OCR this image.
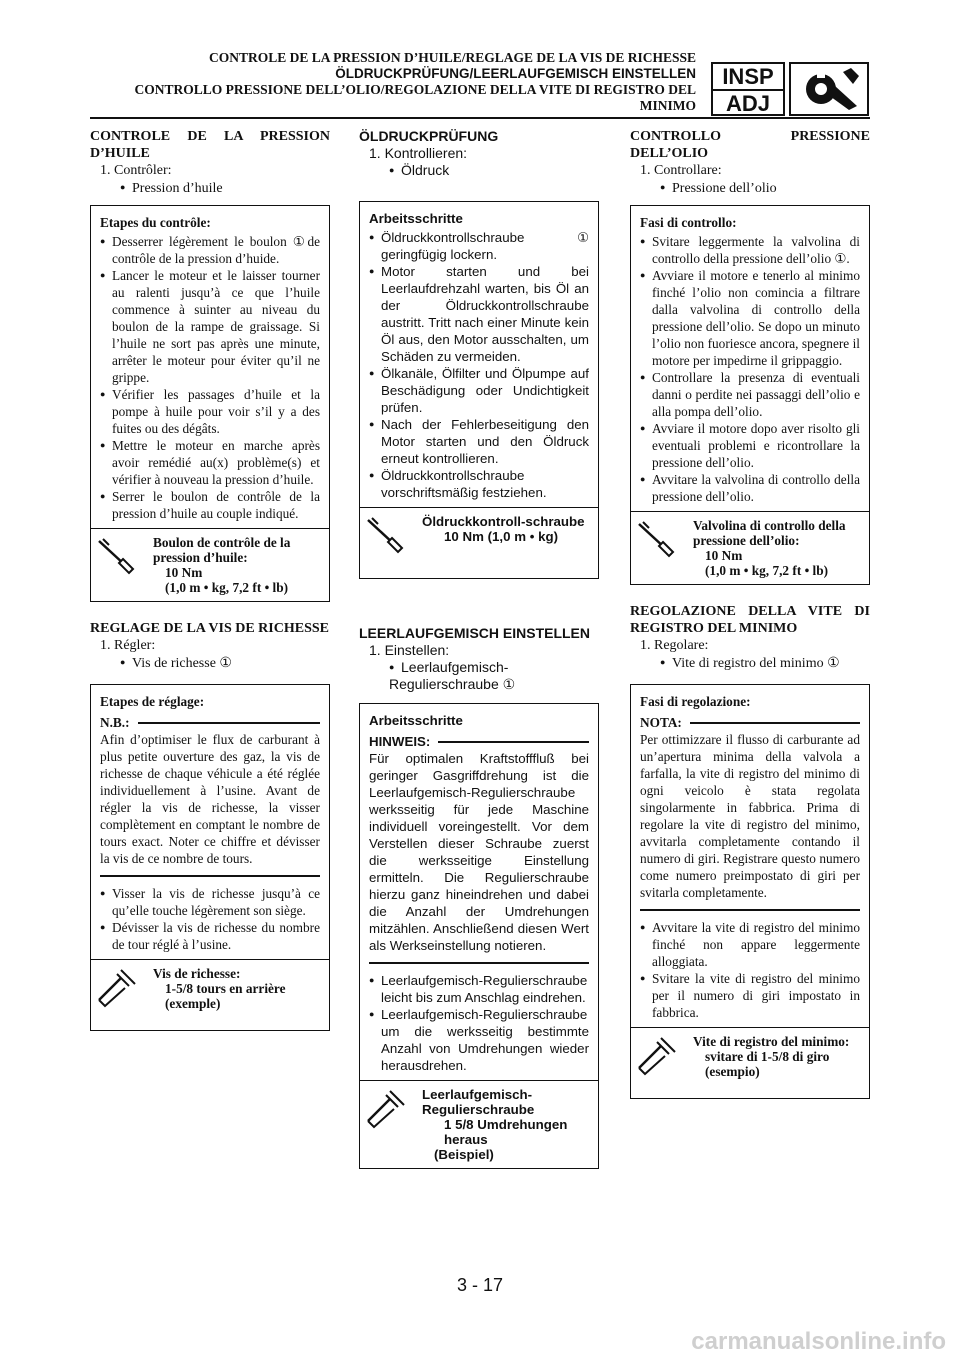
CONTROLE DE LA PRESSION D’HUILE/REGLAGE DE LA VIS DE RICHESSE
ÖLDRUCKPRÜFUNG/LEERLAUFGEMISCH EINSTELLEN
CONTROLLO PRESSIONE DELL’OLIO/REGOLAZIONE DELLA VITE DI REGISTRO DEL
MINIMO
INSP
ADJ

CONTROLE DE LA PRESSION D’HUILE

1. Contrôler:
● Pression d’huile
Etapes du contrôle:
● Desserrer légèrement le boulon ①de contrôle de la pression d’huide.
● Lancer le moteur et le laisser tourner au ralenti jusqu’à ce que l’huile commence à suinter au niveau du boulon de la rampe de graissage. Si l’huile ne sort pas après une minute, arrêter le moteur pour éviter qu’il ne grippe.
● Vérifier les passages d’huile et la pompe à huile pour voir s’il y a des fuites ou des dégâts.
● Mettre le moteur en marche après avoir remédié au(x) problème(s) et vérifier à nouveau la pression d’huile.
● Serrer le boulon de contrôle de la pression d’huile au couple indiqué.
Boulon de contrôle de la pression d’huile:
10 Nm
(1,0 m • kg, 7,2 ft • lb)

REGLAGE DE LA VIS DE RICHESSE

1. Régler:
● Vis de richesse ①
Etapes de réglage:
N.B.:
Afin d’optimiser le flux de carburant à plus petite ouverture des gaz, la vis de richesse de chaque véhicule a été réglée individuellement à l’usine. Avant de régler la vis de richesse, la visser complètement en comptant le nombre de tours exact. Noter ce chiffre et dévisser la vis de ce nombre de tours.
● Visser la vis de richesse jusqu’à ce qu’elle touche légèrement son siège.
● Dévisser la vis de richesse du nombre de tour réglé à l’usine.
Vis de richesse:
1-5/8 tours en arrière
(exemple)

ÖLDRUCKPRÜFUNG

1. Kontrollieren:
● Öldruck
Arbeitsschritte
● Öldruckkontrollschraube ① geringfügig lockern.
● Motor starten und bei Leerlaufdrehzahl warten, bis Öl an der Öldruckkontrollschraube austritt. Tritt nach einer Minute kein Öl aus, den Motor ausschalten, um Schäden zu vermeiden.
● Ölkanäle, Ölfilter und Ölpumpe auf Beschädigung oder Undichtigkeit prüfen.
● Nach der Fehlerbeseitigung den Motor starten und den Öldruck erneut kontrollieren.
● Öldruckkontrollschraube vorschriftsmäßig festziehen.
Öldruckkontroll-schraube
10 Nm (1,0 m • kg)

LEERLAUFGEMISCH EINSTELLEN

1. Einstellen:
● Leerlaufgemisch-Regulierschraube ①
Arbeitsschritte
HINWEIS:
Für optimalen Kraftstofffluß bei geringer Gasgriffdrehung ist die Leerlaufgemisch-Regulierschraube werksseitig für jede Maschine individuell voreingestellt. Vor dem Verstellen dieser Schraube zuerst die werksseitige Einstellung ermitteln. Die Regulierschraube hierzu ganz hineindrehen und dabei die Anzahl der Umdrehungen mitzählen. Anschließend diesen Wert als Werkseinstellung notieren.
● Leerlaufgemisch-Regulierschraube leicht bis zum Anschlag eindrehen.
● Leerlaufgemisch-Regulierschraube um die werksseitig bestimmte Anzahl von Umdrehungen wieder herausdrehen.
Leerlaufgemisch-Regulierschraube
1 5/8 Umdrehungen heraus
(Beispiel)

CONTROLLO PRESSIONE DELL’OLIO

1. Controllare:
● Pressione dell’olio
Fasi di controllo:
● Svitare leggermente la valvolina di controllo della pressione dell’olio ①.
● Avviare il motore e tenerlo al minimo finché l’olio non comincia a filtrare dalla valvolina di controllo della pressione dell’olio. Se dopo un minuto l’olio non fuoriesce ancora, spegnere il motore per impedirne il grippaggio.
● Controllare la presenza di eventuali danni o perdite nei passaggi dell’olio e alla pompa dell’olio.
● Avviare il motore dopo aver risolto gli eventuali problemi e ricontrollare la pressione dell’olio.
● Avvitare la valvolina di controllo della pressione dell’olio.
Valvolina di controllo della pressione dell’olio:
10 Nm
(1,0 m • kg, 7,2 ft • lb)

REGOLAZIONE DELLA VITE DI REGISTRO DEL MINIMO

1. Regolare:
● Vite di registro del minimo ①
Fasi di regolazione:
NOTA:
Per ottimizzare il flusso di carburante ad un’apertura minima della valvola a farfalla, la vite di registro del minimo di ogni veicolo è stata regolata singolarmente in fabbrica. Prima di regolare la vite di registro del minimo, avvitarla completamente contando il numero di giri. Registrare questo numero come numero preimpostato di giri per svitarla completamente.
● Avvitare la vite di registro del minimo finché non appare leggermente alloggiata.
● Svitare la vite di registro del minimo per il numero di giri impostato in fabbrica.
Vite di registro del minimo:
svitare di 1-5/8 di giro
(esempio)
3 - 17
carmanualsonline.info
